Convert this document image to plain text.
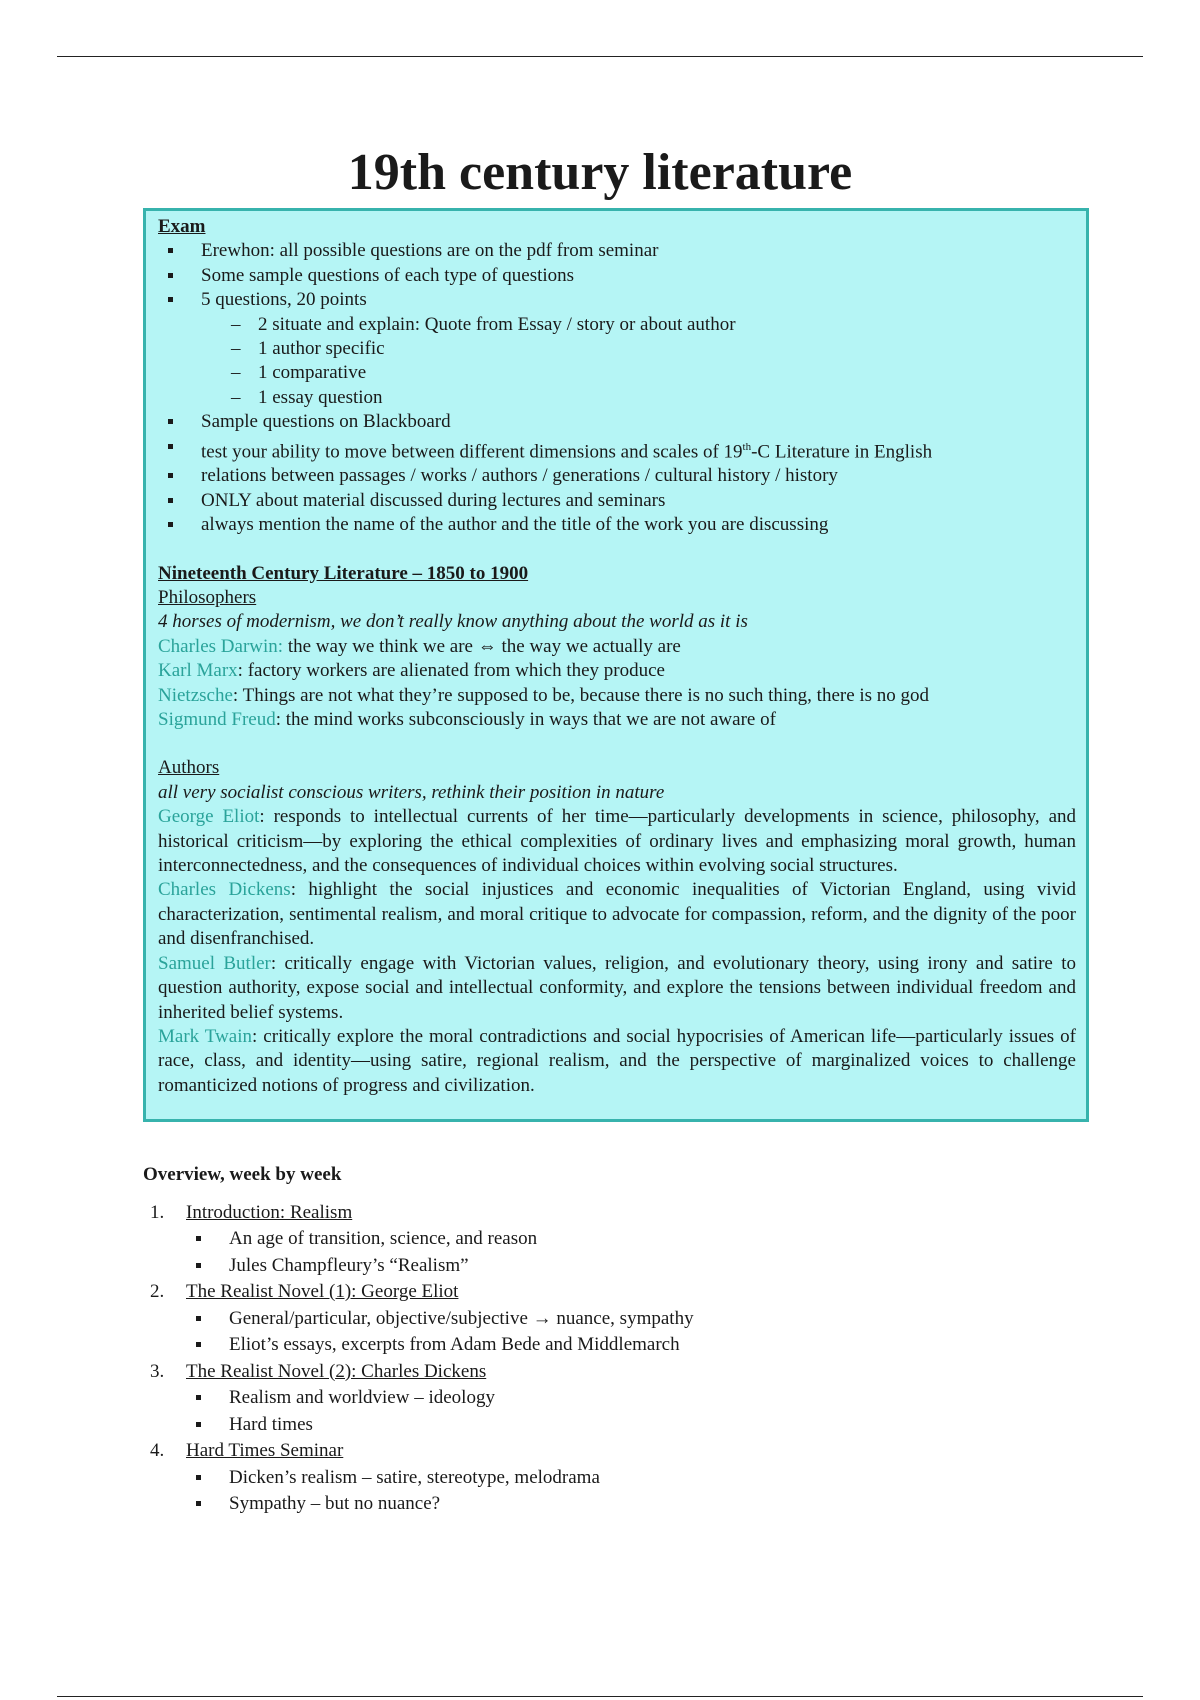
19th century literature

Exam

Erewhon: all possible questions are on the pdf from seminar
Some sample questions of each type of questions
5 questions, 20 points
– 2 situate and explain: Quote from Essay / story or about author
– 1 author specific
– 1 comparative
– 1 essay question
Sample questions on Blackboard
test your ability to move between different dimensions and scales of 19th-C Literature in English
relations between passages / works / authors / generations / cultural history / history
ONLY about material discussed during lectures and seminars
always mention the name of the author and the title of the work you are discussing

Nineteenth Century Literature – 1850 to 1900

Philosophers

4 horses of modernism, we don’t really know anything about the world as it is

Charles Darwin: the way we think we are ⇔ the way we actually are

Karl Marx: factory workers are alienated from which they produce

Nietzsche: Things are not what they’re supposed to be, because there is no such thing, there is no god

Sigmund Freud: the mind works subconsciously in ways that we are not aware of

Authors

all very socialist conscious writers, rethink their position in nature

George Eliot: responds to intellectual currents of her time—particularly developments in science, philosophy, and historical criticism—by exploring the ethical complexities of ordinary lives and emphasizing moral growth, human interconnectedness, and the consequences of individual choices within evolving social structures.

Charles Dickens: highlight the social injustices and economic inequalities of Victorian England, using vivid characterization, sentimental realism, and moral critique to advocate for compassion, reform, and the dignity of the poor and disenfranchised.

Samuel Butler: critically engage with Victorian values, religion, and evolutionary theory, using irony and satire to question authority, expose social and intellectual conformity, and explore the tensions between individual freedom and inherited belief systems.

Mark Twain: critically explore the moral contradictions and social hypocrisies of American life—particularly issues of race, class, and identity—using satire, regional realism, and the perspective of marginalized voices to challenge romanticized notions of progress and civilization.

Overview, week by week

1. Introduction: Realism
An age of transition, science, and reason
Jules Champfleury’s “Realism”
2. The Realist Novel (1): George Eliot
General/particular, objective/subjective → nuance, sympathy
Eliot’s essays, excerpts from Adam Bede and Middlemarch
3. The Realist Novel (2): Charles Dickens
Realism and worldview – ideology
Hard times
4. Hard Times Seminar
Dicken’s realism – satire, stereotype, melodrama
Sympathy – but no nuance?
